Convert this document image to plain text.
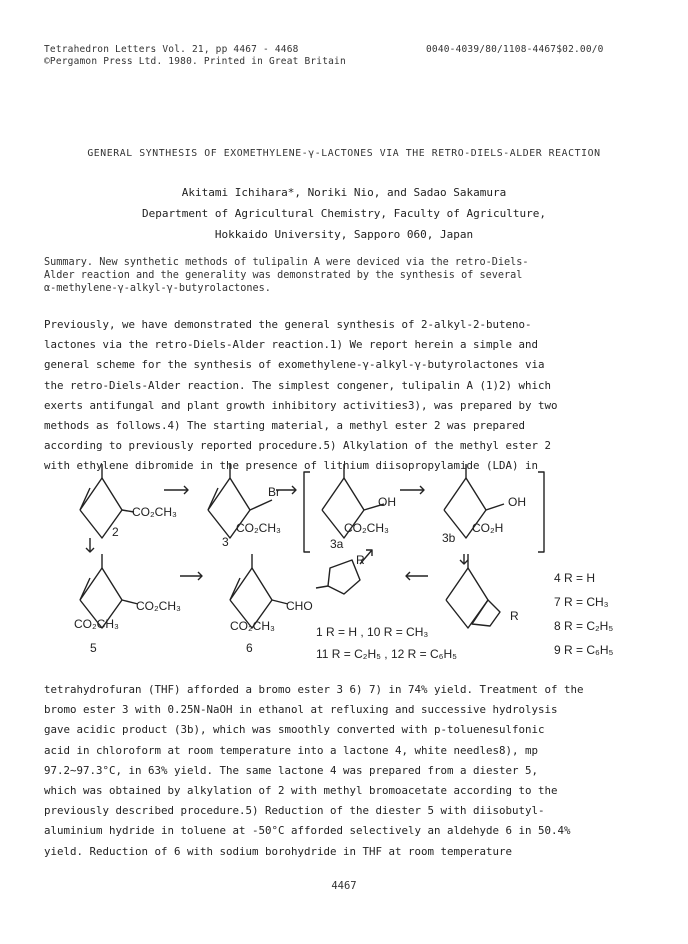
Tetrahedron Letters Vol. 21, pp 4467 - 4468
©Pergamon Press Ltd. 1980. Printed in Great Britain
0040-4039/80/1108-4467$02.00/0
GENERAL SYNTHESIS OF EXOMETHYLENE-γ-LACTONES VIA THE RETRO-DIELS-ALDER REACTION
Akitami Ichihara*, Noriki Nio, and Sadao Sakamura
Department of Agricultural Chemistry, Faculty of Agriculture,
Hokkaido University, Sapporo 060, Japan
Summary. New synthetic methods of tulipalin A were deviced via the retro-Diels-
Alder reaction and the generality was demonstrated by the synthesis of several
α-methylene-γ-alkyl-γ-butyrolactones.
Previously, we have demonstrated the general synthesis of 2-alkyl-2-buteno-
lactones via the retro-Diels-Alder reaction.1) We report herein a simple and
general scheme for the synthesis of exomethylene-γ-alkyl-γ-butyrolactones via
the retro-Diels-Alder reaction. The simplest congener, tulipalin A (1)2) which
exerts antifungal and plant growth inhibitory activities3), was prepared by two
methods as follows.4) The starting material, a methyl ester 2 was prepared
according to previously reported procedure.5) Alkylation of the methyl ester 2
with ethylene dibromide in the presence of lithium diisopropylamide (LDA) in
CO₂CH₃
2
Br
CO₂CH₃
3
OH
CO₂CH₃
3a
OH
CO₂H
3b
CO₂CH₃
CO₂CH₃
5
CHO
CO₂CH₃
6
R
R
1 R = H , 10 R = CH₃
11 R = C₂H₅ , 12 R = C₆H₅
4 R = H
7 R = CH₃
8 R = C₂H₅
9 R = C₆H₅
tetrahydrofuran (THF) afforded a bromo ester 3 6) 7) in 74% yield. Treatment of the
bromo ester 3 with 0.25N-NaOH in ethanol at refluxing and successive hydrolysis
gave acidic product (3b), which was smoothly converted with p-toluenesulfonic
acid in chloroform at room temperature into a lactone 4, white needles8), mp
97.2∼97.3°C, in 63% yield. The same lactone 4 was prepared from a diester 5,
which was obtained by alkylation of 2 with methyl bromoacetate according to the
previously described procedure.5) Reduction of the diester 5 with diisobutyl-
aluminium hydride in toluene at -50°C afforded selectively an aldehyde 6 in 50.4%
yield. Reduction of 6 with sodium borohydride in THF at room temperature
4467
